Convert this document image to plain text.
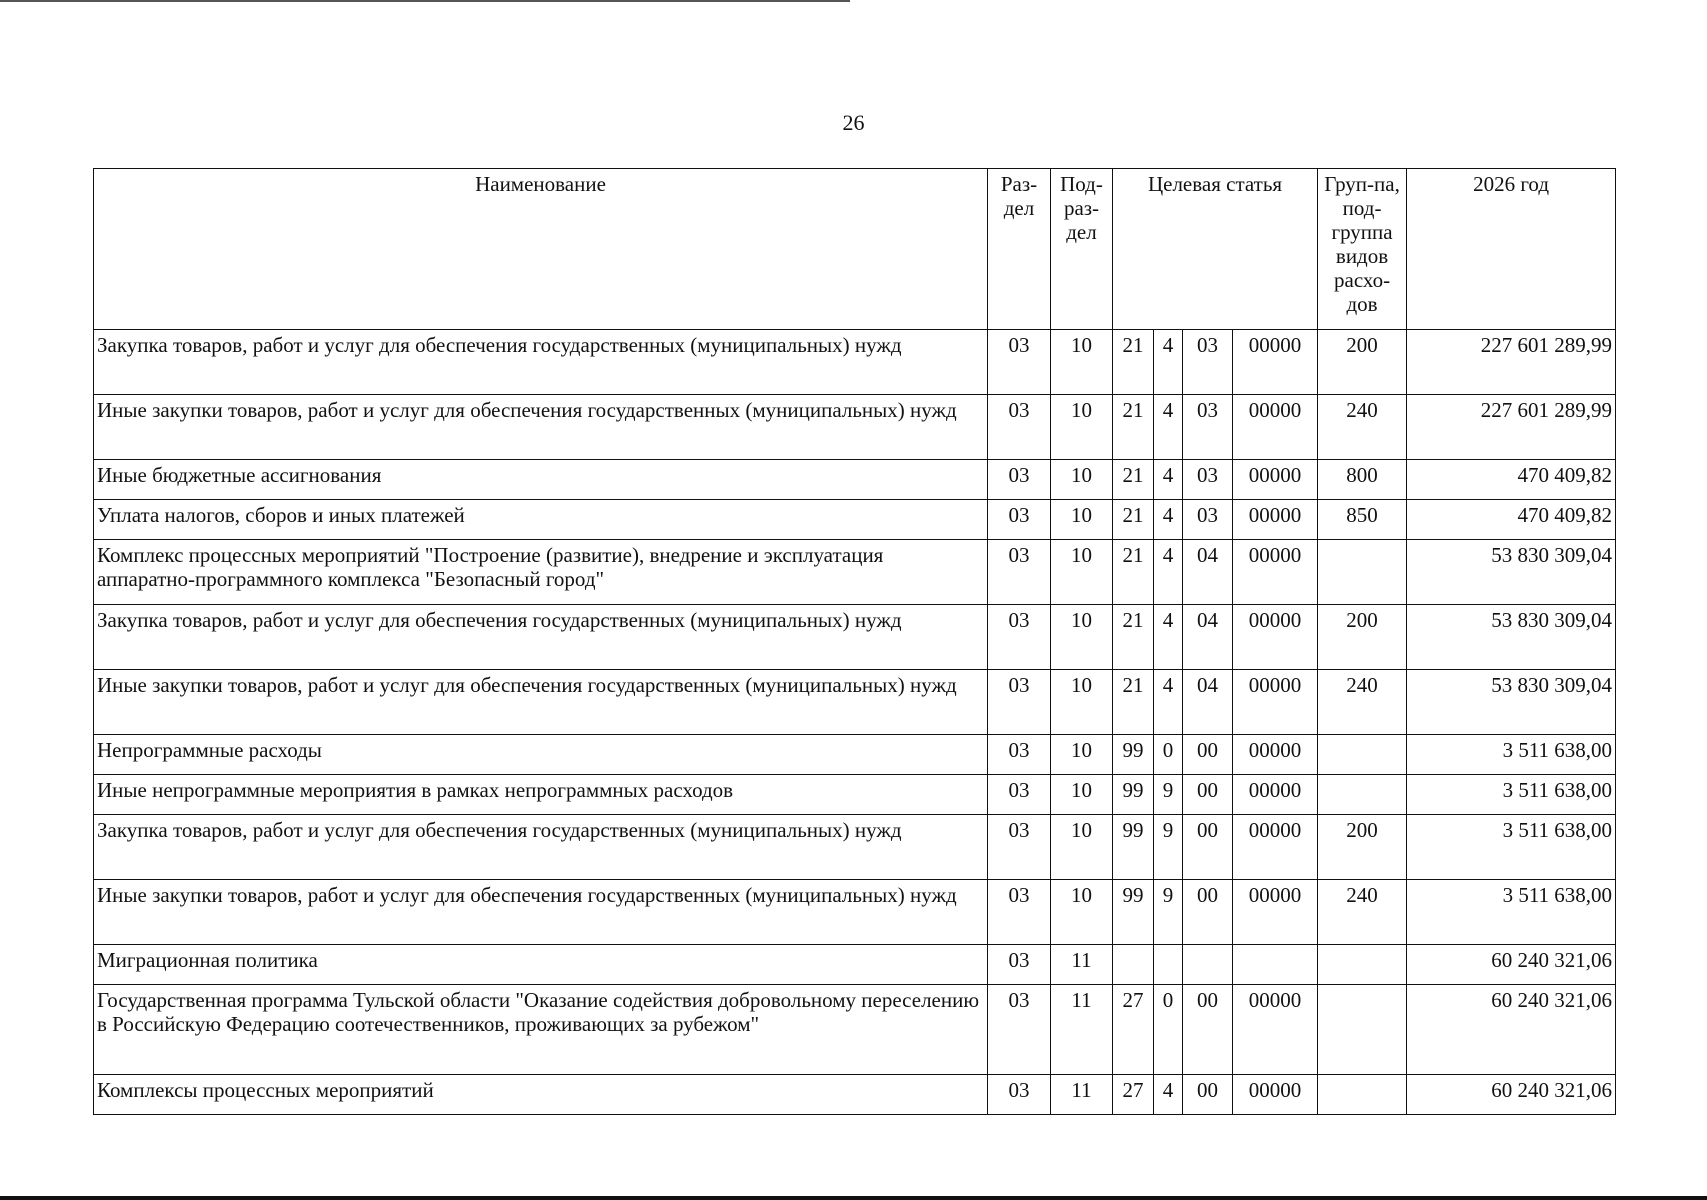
26
Наименование	Раз-дел	Под-раз-дел	Целевая статья				Груп-па, под-группа видов расхо-дов	2026 год
Закупка товаров, работ и услуг для обеспечения государственных (муниципальных) нужд	03	10	21	4	03	00000	200	227 601 289,99
Иные закупки товаров, работ и услуг для обеспечения государственных (муниципальных) нужд	03	10	21	4	03	00000	240	227 601 289,99
Иные бюджетные ассигнования	03	10	21	4	03	00000	800	470 409,82
Уплата налогов, сборов и иных платежей	03	10	21	4	03	00000	850	470 409,82
Комплекс процессных мероприятий "Построение (развитие), внедрение и эксплуатация аппаратно-программного комплекса "Безопасный город"	03	10	21	4	04	00000		53 830 309,04
Закупка товаров, работ и услуг для обеспечения государственных (муниципальных) нужд	03	10	21	4	04	00000	200	53 830 309,04
Иные закупки товаров, работ и услуг для обеспечения государственных (муниципальных) нужд	03	10	21	4	04	00000	240	53 830 309,04
Непрограммные расходы	03	10	99	0	00	00000		3 511 638,00
Иные непрограммные мероприятия в рамках непрограммных расходов	03	10	99	9	00	00000		3 511 638,00
Закупка товаров, работ и услуг для обеспечения государственных (муниципальных) нужд	03	10	99	9	00	00000	200	3 511 638,00
Иные закупки товаров, работ и услуг для обеспечения государственных (муниципальных) нужд	03	10	99	9	00	00000	240	3 511 638,00
Миграционная политика	03	11						60 240 321,06
Государственная программа Тульской области "Оказание содействия добровольному переселению в Российскую Федерацию соотечественников, проживающих за рубежом"	03	11	27	0	00	00000		60 240 321,06
Комплексы процессных мероприятий	03	11	27	4	00	00000		60 240 321,06
